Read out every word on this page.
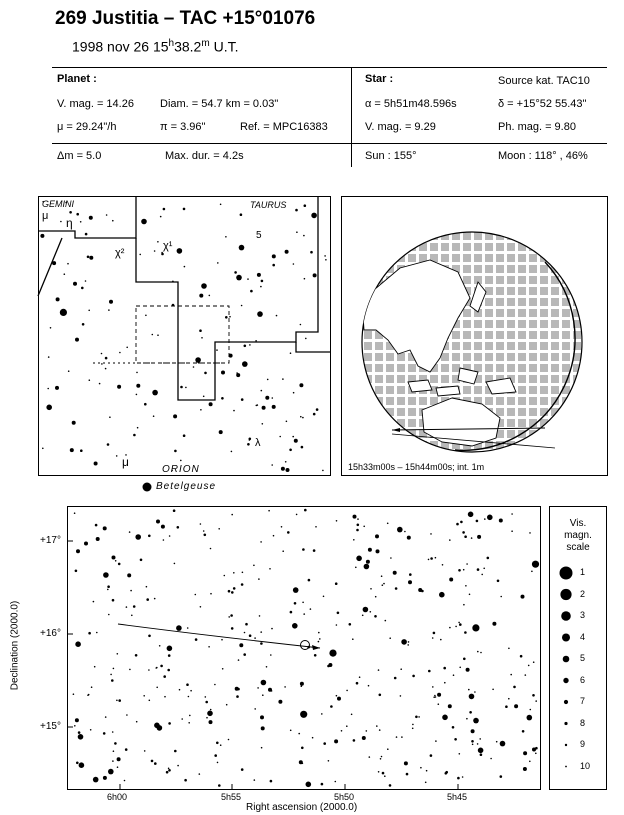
269 Justitia – TAC +15°01076
1998 nov 26 15$^h$38.2$^m$ U.T.
Planet :
V. mag. = 14.26 Diam. = 54.7 km = 0.03"
μ = 29.24"/h	π = 3.96"	Ref. = MPC16383
Star :	Source kat. TAC10
α = 5h51m48.596s	δ = +15°52 55.43"
V. mag. = 9.29	Ph. mag. = 9.80
Δm = 5.0	Max. dur. = 4.2s	Sun : 155°	Moon : 118° , 46%
GEMINI	TAURUS
ORION
Betelgeuse
μ η
χ²
χ¹
5
λ
μ	15h33m00s – 15h44m00s; int. 1m
+17°
+16°
+15°
6h00	5h55	5h50	5h45
Right ascension (2000.0)
Declination (2000.0)
Vis.
magn.
scale
1
2
3
4
5
6
7
8
9
10
